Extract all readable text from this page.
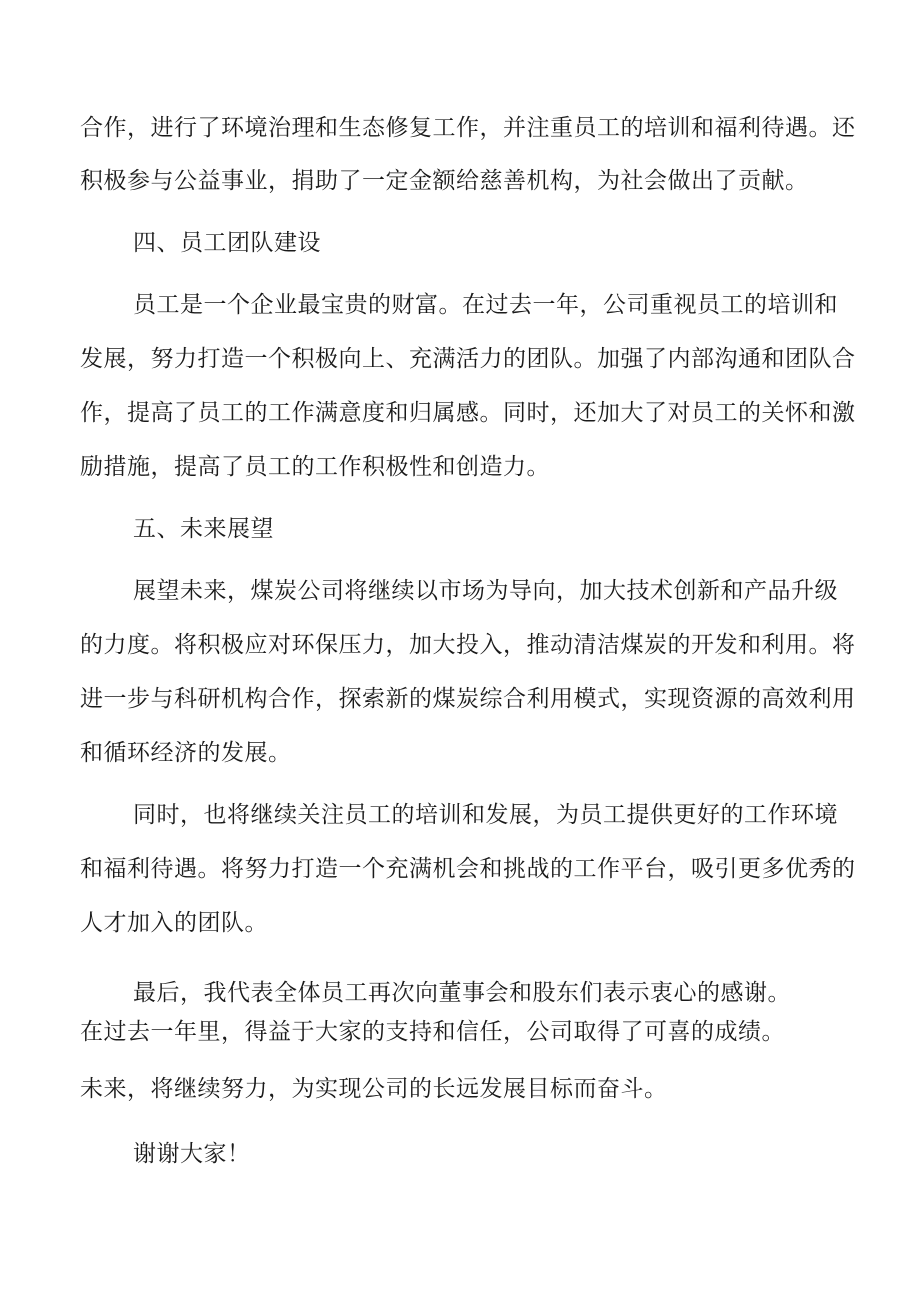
合作，进行了环境治理和生态修复工作，并注重员工的培训和福利待遇。还
积极参与公益事业，捐助了一定金额给慈善机构，为社会做出了贡献。
四、员工团队建设
员工是一个企业最宝贵的财富。在过去一年，公司重视员工的培训和
发展，努力打造一个积极向上、充满活力的团队。加强了内部沟通和团队合
作，提高了员工的工作满意度和归属感。同时，还加大了对员工的关怀和激
励措施，提高了员工的工作积极性和创造力。
五、未来展望
展望未来，煤炭公司将继续以市场为导向，加大技术创新和产品升级
的力度。将积极应对环保压力，加大投入，推动清洁煤炭的开发和利用。将
进一步与科研机构合作，探索新的煤炭综合利用模式，实现资源的高效利用
和循环经济的发展。
同时，也将继续关注员工的培训和发展，为员工提供更好的工作环境
和福利待遇。将努力打造一个充满机会和挑战的工作平台，吸引更多优秀的
人才加入的团队。
最后，我代表全体员工再次向董事会和股东们表示衷心的感谢。
在过去一年里，得益于大家的支持和信任，公司取得了可喜的成绩。
未来，将继续努力，为实现公司的长远发展目标而奋斗。
谢谢大家！
